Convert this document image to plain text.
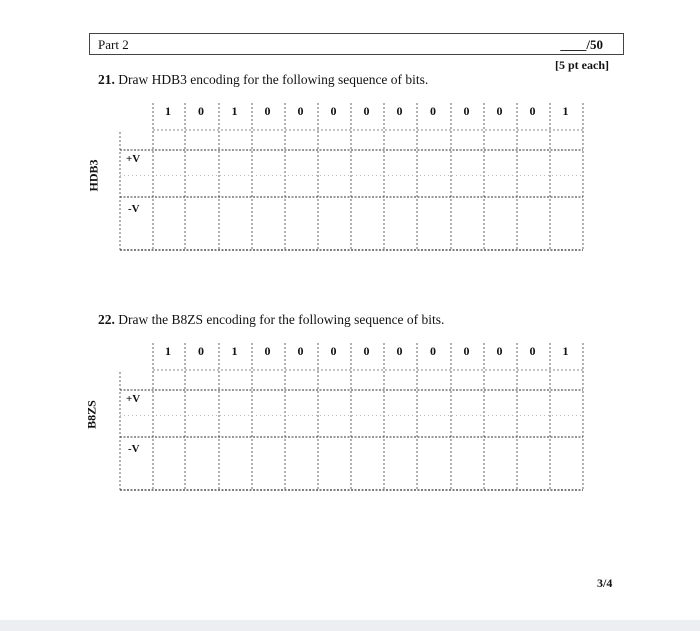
Part 2	____/50
[5 pt each]
21. Draw HDB3 encoding for the following sequence of bits.
HDB3
+V
-V
1 0 1 0 0 0 0 0 0 0 0 0 1
22. Draw the B8ZS encoding for the following sequence of bits.
B8ZS
+V
-V
1 0 1 0 0 0 0 0 0 0 0 0 1
3/4
